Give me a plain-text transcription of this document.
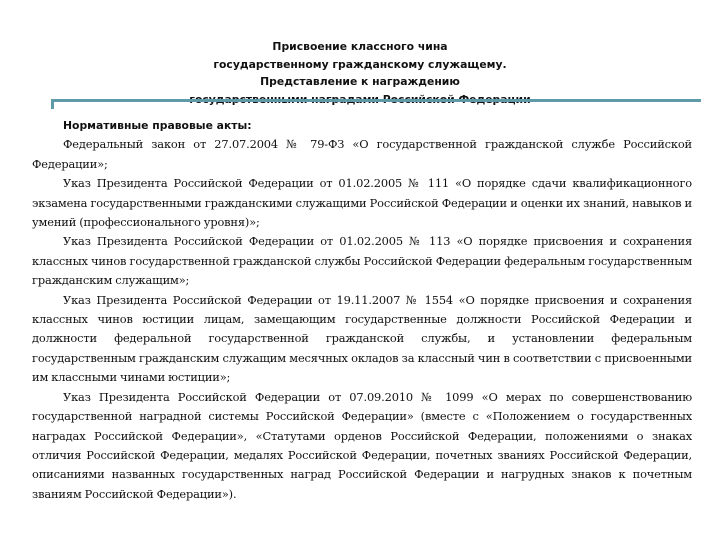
Присвоение классного чина
государственному гражданскому служащему.
Представление к награждению

Нормативные правовые акты:

Федеральный закон от 27.07.2004 № 79-ФЗ «О государственной гражданской службе Российской Федерации»;

Указ Президента Российской Федерации от 01.02.2005 № 111 «О порядке сдачи квалификационного экзамена государственными гражданскими служащими Российской Федерации и оценки их знаний, навыков и умений (профессионального уровня)»;

Указ Президента Российской Федерации от 01.02.2005 № 113 «О порядке присвоения и сохранения классных чинов государственной гражданской службы Российской Федерации федеральным государственным гражданским служащим»;

Указ Президента Российской Федерации от 19.11.2007 № 1554 «О порядке присвоения и сохранения классных чинов юстиции лицам, замещающим государственные должности Российской Федерации и должности федеральной государственной гражданской службы, и установлении федеральным государственным гражданским служащим месячных окладов за классный чин в соответствии с присвоенными им классными чинами юстиции»;

Указ Президента Российской Федерации от 07.09.2010 № 1099 «О мерах по совершенствованию государственной наградной системы Российской Федерации» (вместе с «Положением о государственных наградах Российской Федерации», «Статутами орденов Российской Федерации, положениями о знаках отличия Российской Федерации, медалях Российской Федерации, почетных званиях Российской Федерации, описаниями названных государственных наград Российской Федерации и нагрудных знаков к почетным званиям Российской Федерации»).
